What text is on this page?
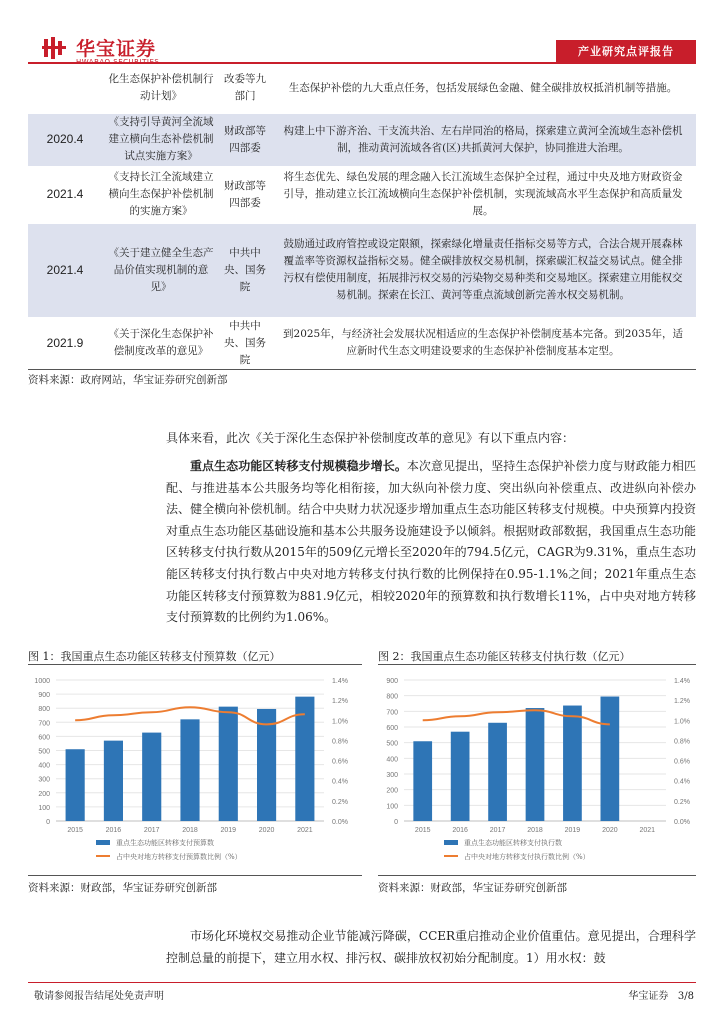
华宝证券	产业研究点评报告
	化生态保护补偿机制行动计划》	改委等九部门	生态保护补偿的九大重点任务，包括发展绿色金融、健全碳排放权抵消机制等措施。
2020.4	《支持引导黄河全流域建立横向生态补偿机制试点实施方案》	财政部等四部委	构建上中下游齐治、干支流共治、左右岸同治的格局，探索建立黄河全流域生态补偿机制，推动黄河流域各省(区)共抓黄河大保护，协同推进大治理。
2021.4	《支持长江全流域建立横向生态保护补偿机制的实施方案》	财政部等四部委	将生态优先、绿色发展的理念融入长江流域生态保护全过程，通过中央及地方财政资金引导，推动建立长江流域横向生态保护补偿机制，实现流域高水平生态保护和高质量发展。
2021.4	《关于建立健全生态产品价值实现机制的意见》	中共中央、国务院	鼓励通过政府管控或设定限额，探索绿化增量责任指标交易等方式，合法合规开展森林覆盖率等资源权益指标交易。健全碳排放权交易机制，探索碳汇权益交易试点。健全排污权有偿使用制度，拓展排污权交易的污染物交易种类和交易地区。探索建立用能权交易机制。探索在长江、黄河等重点流域创新完善水权交易机制。
2021.9	《关于深化生态保护补偿制度改革的意见》	中共中央、国务院	到2025年，与经济社会发展状况相适应的生态保护补偿制度基本完备。到2035年，适应新时代生态文明建设要求的生态保护补偿制度基本定型。
资料来源：政府网站，华宝证券研究创新部
具体来看，此次《关于深化生态保护补偿制度改革的意见》有以下重点内容：
重点生态功能区转移支付规模稳步增长。本次意见提出，坚持生态保护补偿力度与财政能力相匹配、与推进基本公共服务均等化相衔接，加大纵向补偿力度、突出纵向补偿重点、改进纵向补偿办法、健全横向补偿机制。结合中央财力状况逐步增加重点生态功能区转移支付规模。中央预算内投资对重点生态功能区基础设施和基本公共服务设施建设予以倾斜。根据财政部数据，我国重点生态功能区转移支付执行数从2015年的509亿元增长至2020年的794.5亿元，CAGR为9.31%，重点生态功能区转移支付执行数占中央对地方转移支付执行数的比例保持在0.95-1.1%之间；2021年重点生态功能区转移支付预算数为881.9亿元，相较2020年的预算数和执行数增长11%，占中央对地方转移支付预算数的比例约为1.06%。
图 1：我国重点生态功能区转移支付预算数（亿元）
0
100
200
300
400
500
600
700
800
900
1000
0.0%
0.2%
0.4%
0.6%
0.8%
1.0%
1.2%
1.4%
2015	2016	2017	2018	2019	2020	2021
重点生态功能区转移支付预算数
占中央对地方转移支付预算数比例（%）
资料来源：财政部，华宝证券研究创新部
图 2：我国重点生态功能区转移支付执行数（亿元）
0
100
200
300
400
500
600
700
800
900
0.0%
0.2%
0.4%
0.6%
0.8%
1.0%
1.2%
1.4%
2015	2016	2017	2018	2019	2020	2021
重点生态功能区转移支付执行数
占中央对地方转移支付执行数比例（%）
资料来源：财政部，华宝证券研究创新部
市场化环境权交易推动企业节能减污降碳，CCER重启推动企业价值重估。意见提出，合理科学控制总量的前提下，建立用水权、排污权、碳排放权初始分配制度。1）用水权：鼓
敬请参阅报告结尾处免责声明	华宝证券 3/8
